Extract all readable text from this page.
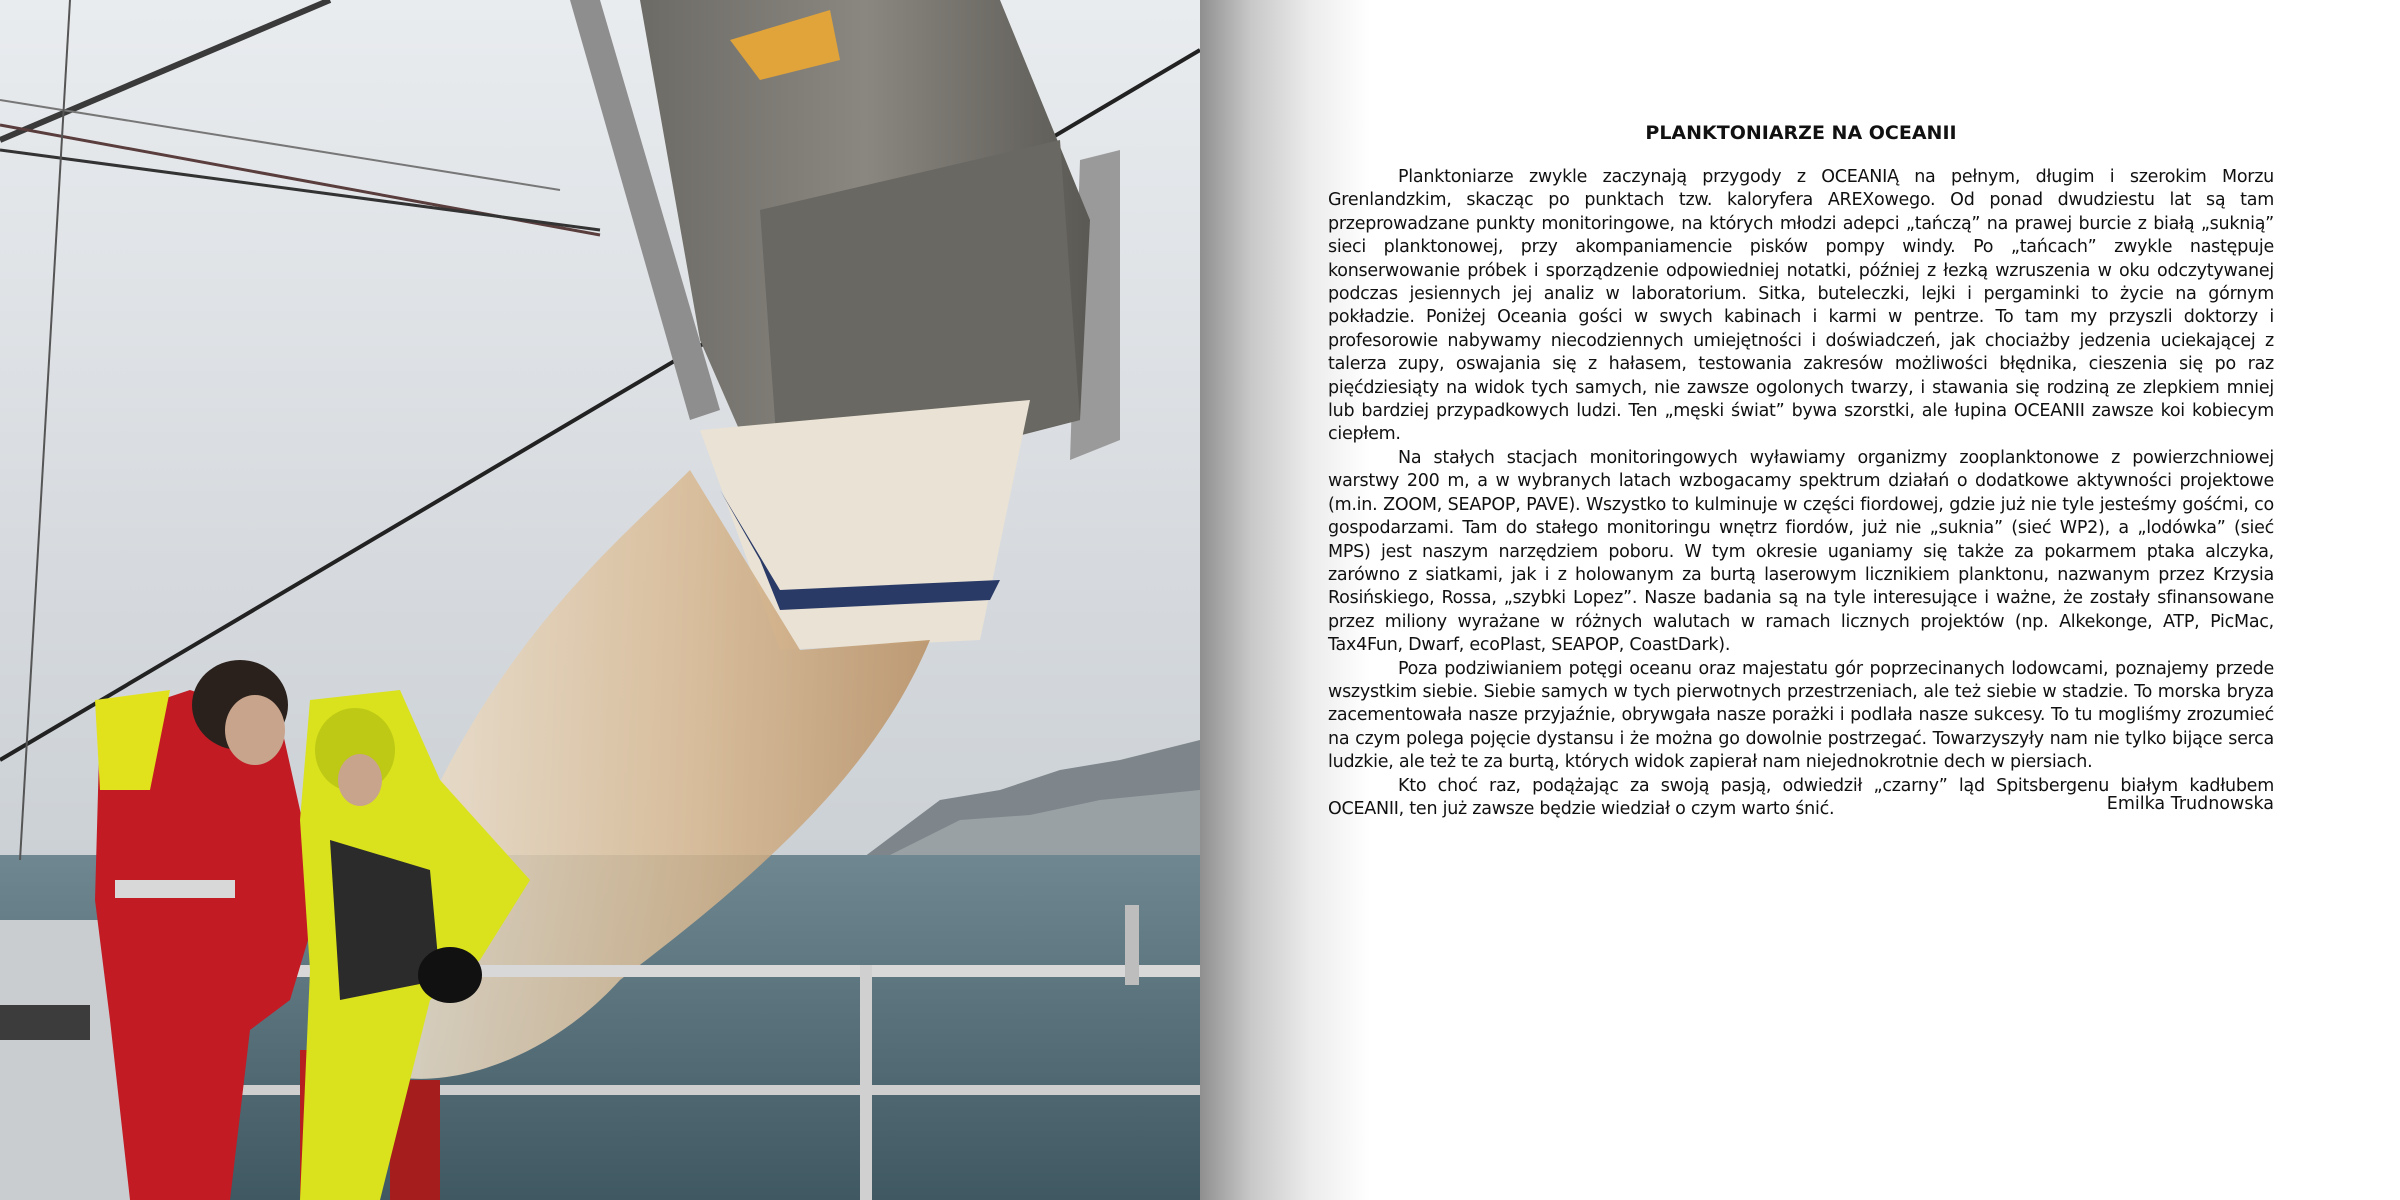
PLANKTONIARZE NA OCEANII

Planktoniarze zwykle zaczynają przygody z OCEANIĄ na pełnym, długim i szerokim Morzu Grenlandzkim, skacząc po punktach tzw. kaloryfera AREXowego. Od ponad dwudziestu lat są tam przeprowadzane punkty monitoringowe, na których młodzi adepci „tańczą” na prawej burcie z białą „suknią” sieci planktonowej, przy akompaniamencie pisków pompy windy. Po „tańcach” zwykle następuje konserwowanie próbek i sporządzenie odpowiedniej notatki, później z łezką wzruszenia w oku odczytywanej podczas jesiennych jej analiz w laboratorium. Sitka, buteleczki, lejki i pergaminki to życie na górnym pokładzie. Poniżej Oceania gości w swych kabinach i karmi w pentrze. To tam my przyszli doktorzy i profesorowie nabywamy niecodziennych umiejętności i doświadczeń, jak chociażby jedzenia uciekającej z talerza zupy, oswajania się z hałasem, testowania zakresów możliwości błędnika, cieszenia się po raz pięćdziesiąty na widok tych samych, nie zawsze ogolonych twarzy, i stawania się rodziną ze zlepkiem mniej lub bardziej przypadkowych ludzi. Ten „męski świat” bywa szorstki, ale łupina OCEANII zawsze koi kobiecym ciepłem.

Na stałych stacjach monitoringowych wyławiamy organizmy zooplanktonowe z powierzchniowej warstwy 200 m, a w wybranych latach wzbogacamy spektrum działań o dodatkowe aktywności projektowe (m.in. ZOOM, SEAPOP, PAVE). Wszystko to kulminuje w części fiordowej, gdzie już nie tyle jesteśmy gośćmi, co gospodarzami. Tam do stałego monitoringu wnętrz fiordów, już nie „suknia” (sieć WP2), a „lodówka” (sieć MPS) jest naszym narzędziem poboru. W tym okresie uganiamy się także za pokarmem ptaka alczyka, zarówno z siatkami, jak i z holowanym za burtą laserowym licznikiem planktonu, nazwanym przez Krzysia Rosińskiego, Rossa, „szybki Lopez”. Nasze badania są na tyle interesujące i ważne, że zostały sfinansowane przez miliony wyrażane w różnych walutach w ramach licznych projektów (np. Alkekonge, ATP, PicMac, Tax4Fun, Dwarf, ecoPlast, SEAPOP, CoastDark).

Poza podziwianiem potęgi oceanu oraz majestatu gór poprzecinanych lodowcami, poznajemy przede wszystkim siebie. Siebie samych w tych pierwotnych przestrzeniach, ale też siebie w stadzie. To morska bryza zacementowała nasze przyjaźnie, obrywgała nasze porażki i podlała nasze sukcesy. To tu mogliśmy zrozumieć na czym polega pojęcie dystansu i że można go dowolnie postrzegać. Towarzyszyły nam nie tylko bijące serca ludzkie, ale też te za burtą, których widok zapierał nam niejednokrotnie dech w piersiach.

Kto choć raz, podążając za swoją pasją, odwiedził „czarny” ląd Spitsbergenu białym kadłubem OCEANII, ten już zawsze będzie wiedział o czym warto śnić.	Emilka Trudnowska
